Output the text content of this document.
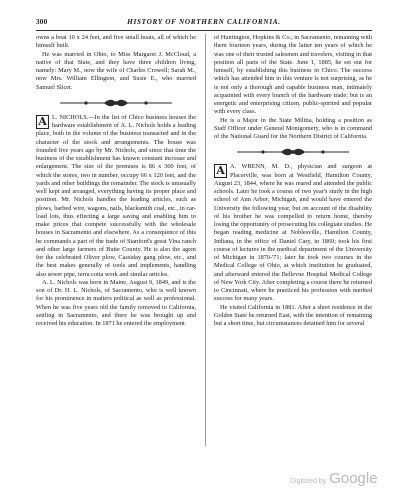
300	HISTORY OF NORTHERN CALIFORNIA.

owns a boat 10 x 24 feet, and five small boats, all of which he himself built.

He was married in Ohio, to Miss Margaret J. McCloud, a native of that State, and they have three children living, namely: Mary M., now the wife of Charles Crowell; Sarah M., now Mrs. William Ellington, and Susie E., who married Samuel Slicer.

A L. NICHOLS.—In the list of Chico business houses the hardware establishment of A. L. Nichols holds a leading place, both in the volume of the business transacted and in the character of the stock and arrangements. The house was founded five years ago by Mr. Nichols, and since that time the business of the establishment has known constant increase and enlargement. The size of the premises is 86 x 300 feet, of which the stores, two in number, occupy 66 x 120 feet, and the yards and other buildings the remainder. The stock is unusually well kept and arranged, everything having its proper place and position. Mr. Nichols handles the leading articles, such as plows, barbed wire, wagons, nails, blacksmith coal, etc., in car-load lots, thus effecting a large saving and enabling him to make prices that compete successfully with the wholesale houses in Sacramento and elsewhere. As a consequence of this he commands a part of the trade of Stanford's great Vina ranch and other large farmers of Butte County. He is also the agent for the celebrated Oliver plow, Cassiday gang plow, etc., and the best makes generally of tools and implements, handling also sewer pipe, terra cotta work and similar articles.

A. L. Nichols was born in Maine, August 9, 1849, and is the son of Dr. H. L. Nichols, of Sacramento, who is well known for his prominence in matters political as well as professional. When he was five years old the family removed to California, settling in Sacramento, and there he was brought up and received his education. In 1871 he entered the employment

of Huntington, Hopkins & Co., in Sacramento, remaining with them fourteen years, during the latter ten years of which he was one of their trusted salesmen and travelers, visiting in that position all parts of the State. June 1, 1885, he set out for himself, by establishing this business in Chico. The success which has attended him in this venture is not surprising, as he is not only a thorough and capable business man, intimately acquainted with every branch of the hardware trade; but is an energetic and enterprising citizen, public-spirited and popular with every class.

He is a Major in the State Militia, holding a position as Staff Officer under General Montgomery, who is in command of the National Guard for the Northern District of California.

A A. WRENN, M. D., physician and surgeon at Placerville, was born at Westfield, Hamilton County, August 23, 1844, where he was reared and attended the public schools. Later he took a course of two year's study in the high school of Ann Arbor, Michigan, and would have entered the University the following year, but on account of the disability of his brother he was compelled to return home, thereby losing the opportunity of prosecuting his collegiate studies. He began reading medicine at Noblesville, Hamilton County, Indiana, in the office of Daniel Cary, in 1869; took his first course of lectures in the medical department of the University of Michigan in 1870-'71; later he took two courses in the Medical College of Ohio, at which institution he graduated, and afterward entered the Bellevue Hospital Medical College of New York City. After completing a course there he returned to Cincinnati, where he practiced his profession with merited success for many years.

He visited California in 1881. After a short residence in the Golden State he returned East, with the intention of remaining but a short time, but circumstances detained him for several

Digitized by Google
